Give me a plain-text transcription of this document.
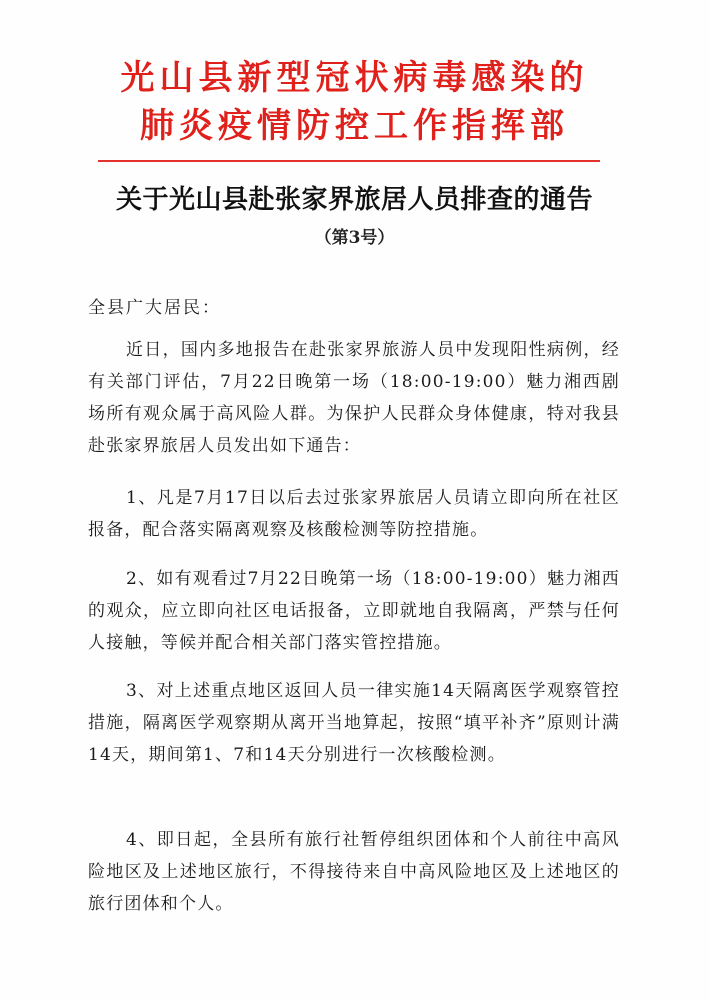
光山县新型冠状病毒感染的
肺炎疫情防控工作指挥部
关于光山县赴张家界旅居人员排查的通告
（第3号）
全县广大居民：

近日，国内多地报告在赴张家界旅游人员中发现阳性病例，经有关部门评估，7月22日晚第一场（18:00-19:00）魅力湘西剧场所有观众属于高风险人群。为保护人民群众身体健康，特对我县赴张家界旅居人员发出如下通告：

1、凡是7月17日以后去过张家界旅居人员请立即向所在社区报备，配合落实隔离观察及核酸检测等防控措施。

2、如有观看过7月22日晚第一场（18:00-19:00）魅力湘西的观众，应立即向社区电话报备，立即就地自我隔离，严禁与任何人接触，等候并配合相关部门落实管控措施。

3、对上述重点地区返回人员一律实施14天隔离医学观察管控措施，隔离医学观察期从离开当地算起，按照“填平补齐”原则计满14天，期间第1、7和14天分别进行一次核酸检测。

4、即日起，全县所有旅行社暂停组织团体和个人前往中高风险地区及上述地区旅行，不得接待来自中高风险地区及上述地区的旅行团体和个人。
